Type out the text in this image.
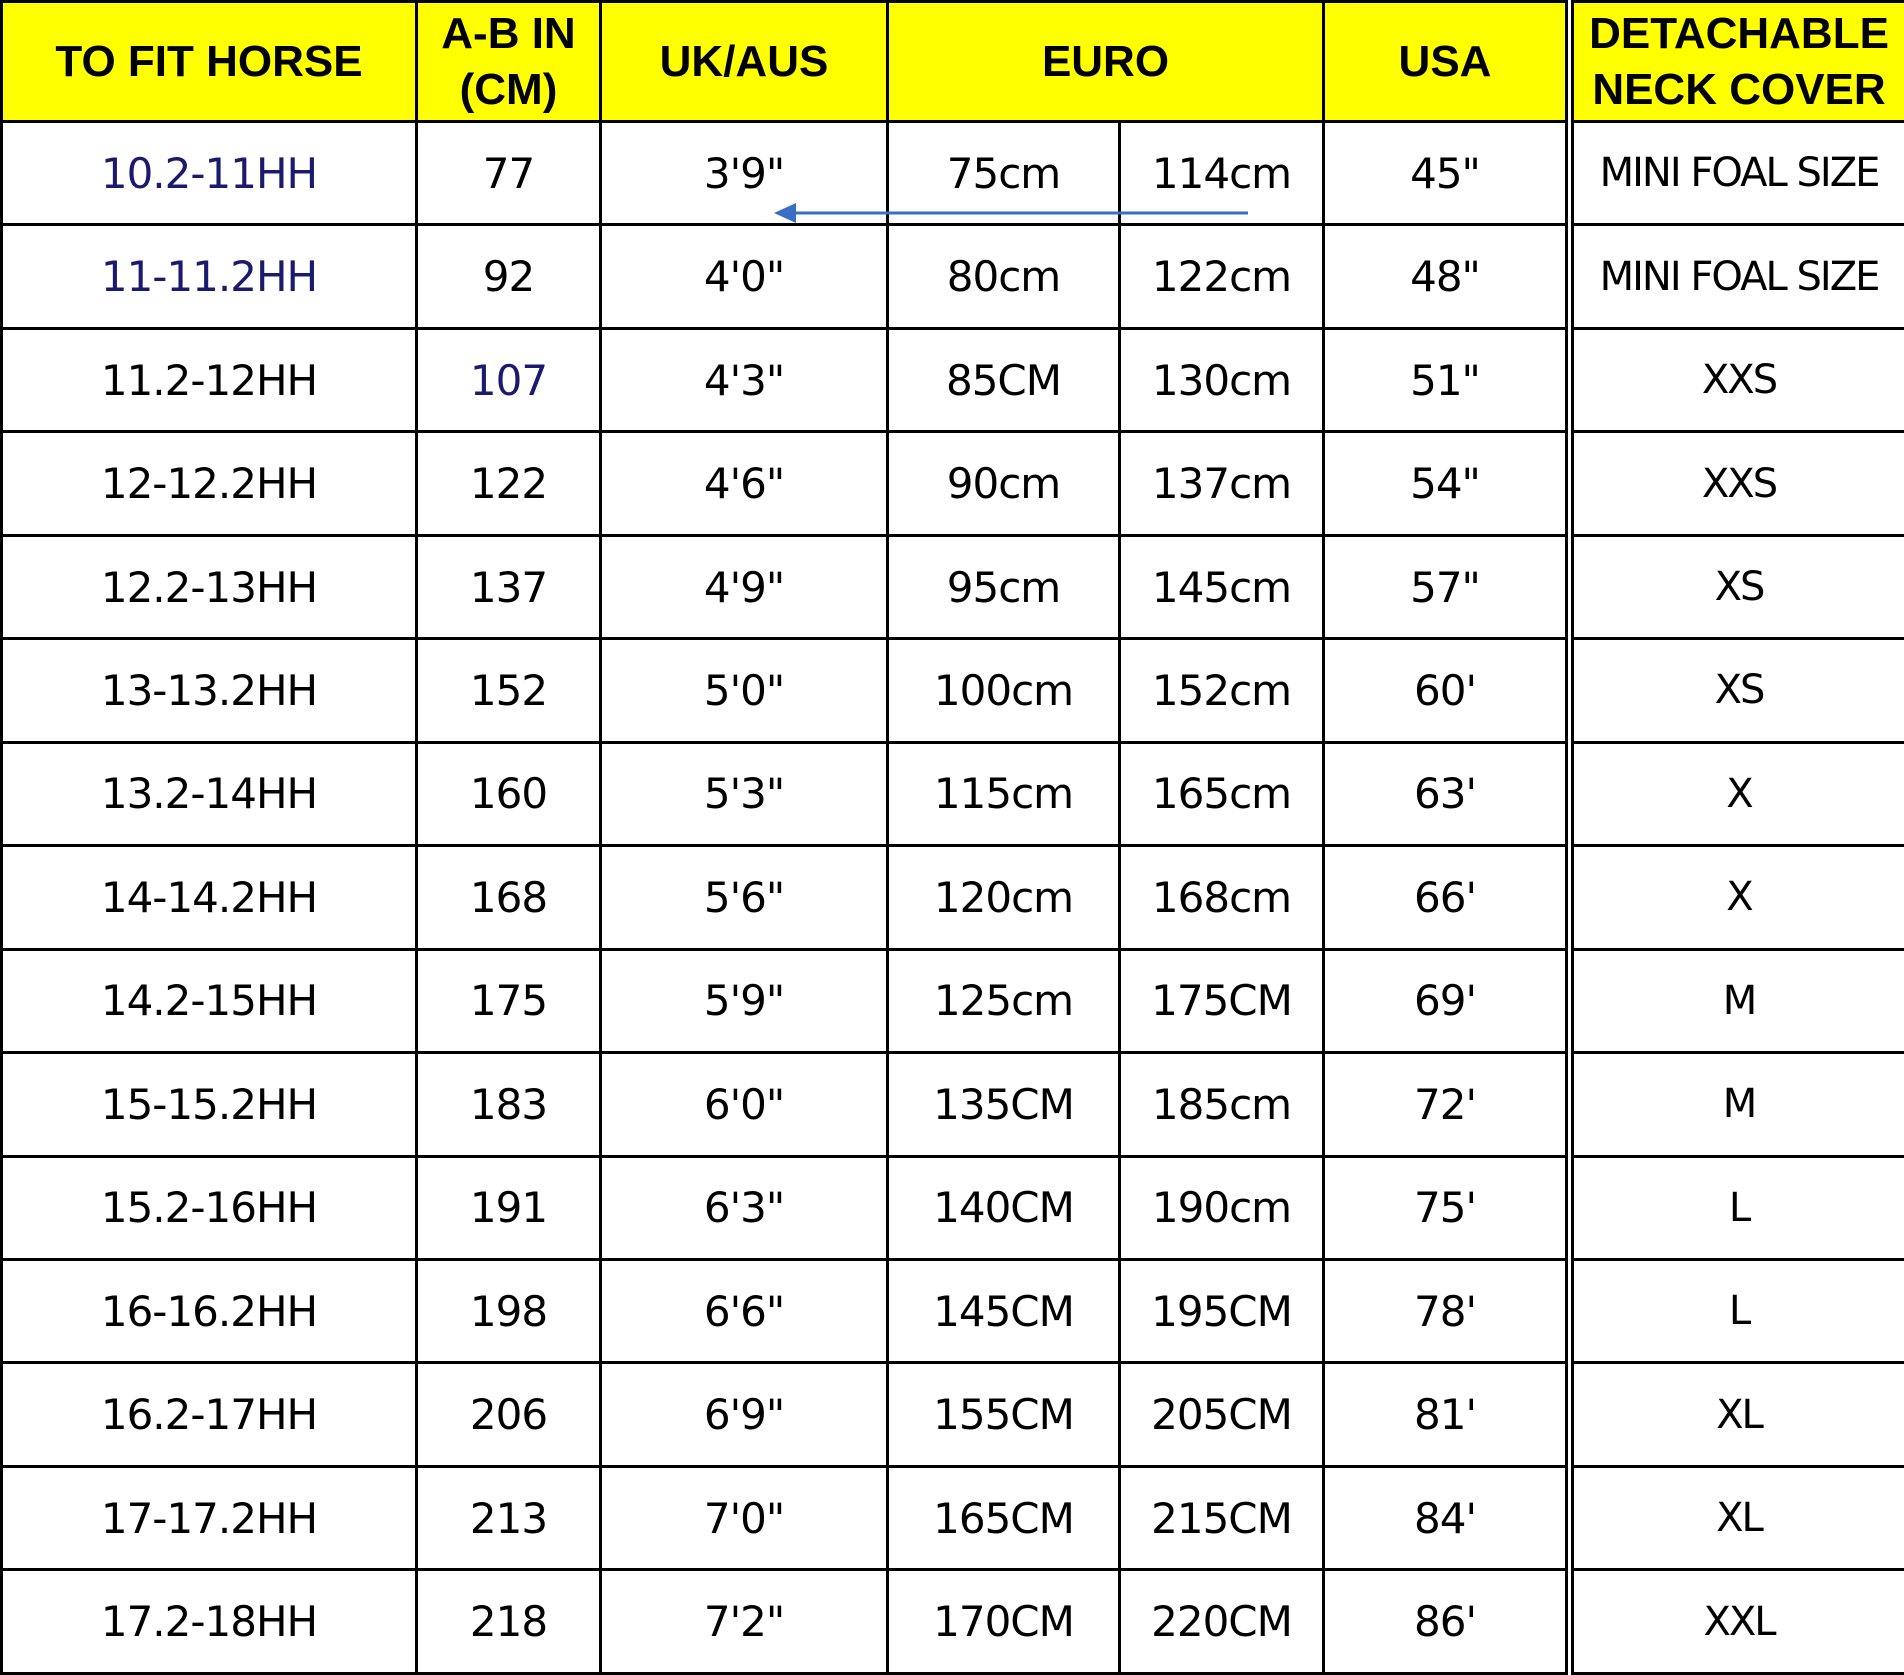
TO FIT HORSE	A-B IN (CM)	UK/AUS	EURO		USA	DETACHABLE NECK COVER
10.2-11HH	77	3'9"	75cm	114cm	45"	MINI FOAL SIZE
11-11.2HH	92	4'0"	80cm	122cm	48"	MINI FOAL SIZE
11.2-12HH	107	4'3"	85CM	130cm	51"	XXS
12-12.2HH	122	4'6"	90cm	137cm	54"	XXS
12.2-13HH	137	4'9"	95cm	145cm	57"	XS
13-13.2HH	152	5'0"	100cm	152cm	60'	XS
13.2-14HH	160	5'3"	115cm	165cm	63'	X
14-14.2HH	168	5'6"	120cm	168cm	66'	X
14.2-15HH	175	5'9"	125cm	175CM	69'	M
15-15.2HH	183	6'0"	135CM	185cm	72'	M
15.2-16HH	191	6'3"	140CM	190cm	75'	L
16-16.2HH	198	6'6"	145CM	195CM	78'	L
16.2-17HH	206	6'9"	155CM	205CM	81'	XL
17-17.2HH	213	7'0"	165CM	215CM	84'	XL
17.2-18HH	218	7'2"	170CM	220CM	86'	XXL
